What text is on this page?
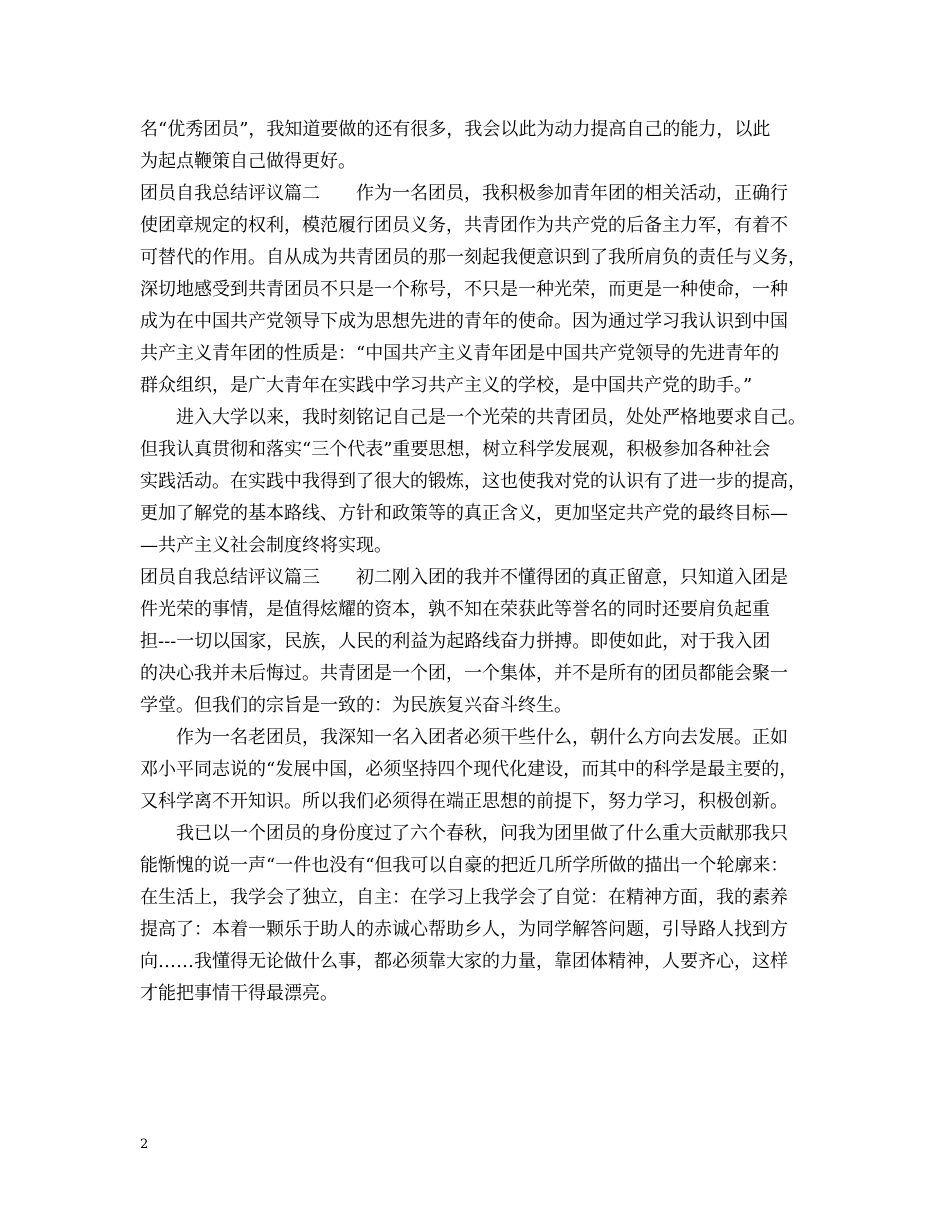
名“优秀团员”，我知道要做的还有很多，我会以此为动力提高自己的能力，以此

为起点鞭策自己做得更好。

团员自我总结评议篇二　　作为一名团员，我积极参加青年团的相关活动，正确行

使团章规定的权利，模范履行团员义务，共青团作为共产党的后备主力军，有着不

可替代的作用。自从成为共青团员的那一刻起我便意识到了我所肩负的责任与义务，

深切地感受到共青团员不只是一个称号，不只是一种光荣，而更是一种使命，一种

成为在中国共产党领导下成为思想先进的青年的使命。因为通过学习我认识到中国

共产主义青年团的性质是：“中国共产主义青年团是中国共产党领导的先进青年的

群众组织，是广大青年在实践中学习共产主义的学校，是中国共产党的助手。”

　　进入大学以来，我时刻铭记自己是一个光荣的共青团员，处处严格地要求自己。

但我认真贯彻和落实“三个代表”重要思想，树立科学发展观，积极参加各种社会

实践活动。在实践中我得到了很大的锻炼，这也使我对党的认识有了进一步的提高，

更加了解党的基本路线、方针和政策等的真正含义，更加坚定共产党的最终目标—

—共产主义社会制度终将实现。

团员自我总结评议篇三　　初二刚入团的我并不懂得团的真正留意，只知道入团是

件光荣的事情，是值得炫耀的资本，孰不知在荣获此等誉名的同时还要肩负起重

担---一切以国家，民族，人民的利益为起路线奋力拼搏。即使如此，对于我入团

的决心我并未后悔过。共青团是一个团，一个集体，并不是所有的团员都能会聚一

学堂。但我们的宗旨是一致的：为民族复兴奋斗终生。

　　作为一名老团员，我深知一名入团者必须干些什么，朝什么方向去发展。正如

邓小平同志说的“发展中国，必须坚持四个现代化建设，而其中的科学是最主要的，

又科学离不开知识。所以我们必须得在端正思想的前提下，努力学习，积极创新。

　　我已以一个团员的身份度过了六个春秋，问我为团里做了什么重大贡献那我只

能惭愧的说一声“一件也没有“但我可以自豪的把近几所学所做的描出一个轮廓来：

在生活上，我学会了独立，自主：在学习上我学会了自觉：在精神方面，我的素养

提高了：本着一颗乐于助人的赤诚心帮助乡人，为同学解答问题，引导路人找到方

向……我懂得无论做什么事，都必须靠大家的力量，靠团体精神，人要齐心，这样

才能把事情干得最漂亮。

2
